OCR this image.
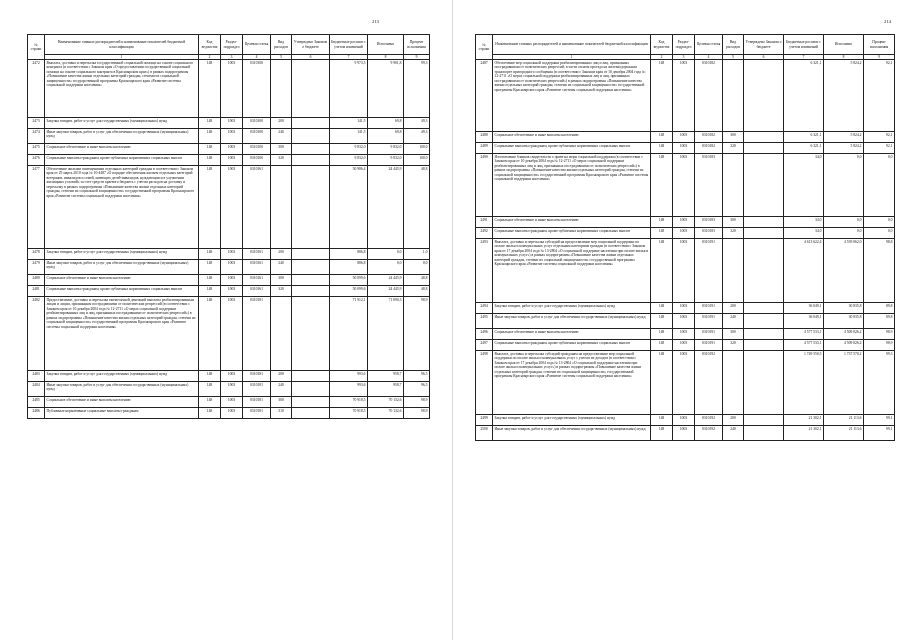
213
№ строки	Наименование главных распорядителей и наименование показателей бюджетной классификации	Код ведомства	Раздел-подраздел	Целевая статья	Вид расходов	Утверждено Законом о бюджете	Бюджетные росписи с учетом изменений	Исполнено	Процент исполнения
	1	2	3	4	5	6	7	8	9
2472	Выплата, доставка и пересылка государственной социальной помощи на основе социального контракта (в соответствии с Законом края «О предоставлении государственной социальной помощи на основе социального контракта в Красноярском крае») в рамках подпрограммы «Повышение качества жизни отдельных категорий граждан, степени их социальной защищенности» государственной программы Красноярского края «Развитие системы социальной поддержки населения»	148	1003	0310100			9 973,5	9 901,8	99,3
2473	Закупка товаров, работ и услуг для государственных (муниципальных) нужд	148	1003	0310100	200		141,5	69,8	49,3
2474	Иные закупки товаров, работ и услуг для обеспечения государственных (муниципальных) нужд	148	1003	0310100	240		141,5	69,8	49,3
2475	Социальное обеспечение и иные выплаты населению	148	1003	0310100	300		9 832,0	9 832,0	100,0
2476	Социальные выплаты гражданам, кроме публичных нормативных социальных выплат	148	1003	0310100	320		9 832,0	9 832,0	100,0
2477	Обеспечение жилыми помещениями отдельных категорий граждан в соответствии с Законом края от 25 марта 2010 года № 10-4487 «О порядке обеспечения жильем отдельных категорий ветеранов, инвалидов и семей, имеющих детей-инвалидов, нуждающихся в улучшении жилищных условий» за счет средств краевого бюджета с учетом расходов на доставку и пересылку в рамках подпрограммы «Повышение качества жизни отдельных категорий граждан, степени их социальной защищенности» государственной программы Красноярского края «Развитие системы социальной поддержки населения»	148	1003	0310161			50 986,4	24 445,9	48,8
2478	Закупка товаров, работ и услуг для государственных (муниципальных) нужд	148	1003	0310161	200		886,8	0,0	1,0
2479	Иные закупки товаров, работ и услуг для обеспечения государственных (муниципальных) нужд	148	1003	0310161	240		886,8	0,0	0,0
2480	Социальное обеспечение и иные выплаты населению	148	1003	0310161	300		50 099,6	24 445,9	48,8
2481	Социальные выплаты гражданам, кроме публичных нормативных социальных выплат	148	1003	0310161	320		50 099,6	24 445,9	48,8
2482	Предоставление, доставка и пересылка ежемесячной денежной выплаты реабилитированным лицам и лицам, признанным пострадавшими от политических репрессий (в соответствии с Законом края от 10 декабря 2004 года № 12-2711 «О мерах социальной поддержки реабилитированных лиц и лиц, признанных пострадавшими от политических репрессий») в рамках подпрограммы «Повышение качества жизни отдельных категорий граждан, степени их социальной защищенности» государственной программы Красноярского края «Развитие системы социальной поддержки населения»	148	1003	0310181			71 912,1	71 090,3	98,9
2483	Закупка товаров, работ и услуг для государственных (муниципальных) нужд	148	1003	0310181	200		993,6	958,7	96,5
2484	Иные закупки товаров, работ и услуг для обеспечения государственных (муниципальных) нужд	148	1003	0310181	240		993,6	958,7	96,5
2485	Социальное обеспечение и иные выплаты населению	148	1003	0310181	300		70 918,5	70 132,6	98,9
2486	Публичные нормативные социальные выплаты гражданам	148	1003	0310181	310		70 918,5	70 132,6	98,9
214
№ строки	Наименование главных распорядителей и наименование показателей бюджетной классификации	Код ведомства	Раздел-подраздел	Целевая статья	Вид расходов	Утверждено Законом о бюджете	Бюджетные росписи с учетом изменений	Исполнено	Процент исполнения
	1	2	3	4	5	6	7	8	9
2487	Обеспечение мер социальной поддержки реабилитированных лиц и лиц, признанных пострадавшими от политических репрессий, в части оплаты проезда на железнодорожном транспорте пригородного сообщения (в соответствии с Законом края от 10 декабря 2004 года № 12-2711 «О мерах социальной поддержки реабилитированных лиц и лиц, признанных пострадавшими от политических репрессий») в рамках подпрограммы «Повышение качества жизни отдельных категорий граждан, степени их социальной защищенности» государственной программы Красноярского края «Развитие системы социальной поддержки населения»	148	1003	0310182			6 321,1	5 824,2	92,1
2488	Социальное обеспечение и иные выплаты населению	148	1003	0310182	300		6 321,1	5 824,2	92,1
2489	Социальные выплаты гражданам, кроме публичных нормативных социальных выплат	148	1003	0310182	320		6 321,1	5 824,2	92,1
2490	Изготовление бланков свидетельств о праве на меры социальной поддержки (в соответствии с Законом края от 10 декабря 2004 года № 12-2711 «О мерах социальной поддержки реабилитированных лиц и лиц, признанных пострадавшими от политических репрессий») в рамках подпрограммы «Повышение качества жизни отдельных категорий граждан, степени их социальной защищенности» государственной программы Красноярского края «Развитие системы социальной поддержки населения»	148	1003	0310183			34,0	0,0	0,0
2491	Социальное обеспечение и иные выплаты населению	148	1003	0310183	300		34,0	0,0	0,0
2492	Социальные выплаты гражданам, кроме публичных нормативных социальных выплат	148	1003	0310183	320		34,0	0,0	0,0
2493	Выплата, доставка и пересылка субсидий на предоставление мер социальной поддержки по оплате жилья и коммунальных услуг отдельным категориям граждан (в соответствии с Законом края от 17 декабря 2004 года № 13-2804 «О социальной поддержке населения при оплате жилья и коммунальных услуг») в рамках подпрограммы «Повышение качества жизни отдельных категорий граждан, степени их социальной защищенности» государственной программы Красноярского края «Развитие системы социальной поддержки населения»	148	1003	0310191			4 613 622,4	4 539 062,0	98,8
2494	Закупка товаров, работ и услуг для государственных (муниципальных) нужд	148	1003	0310191	200		36 049,1	30 835,8	89,8
2495	Иные закупки товаров, работ и услуг для обеспечения государственных (муниципальных) нужд	148	1003	0310191	240		36 049,1	30 835,8	89,8
2496	Социальное обеспечение и иные выплаты населению	148	1003	0310191	300		4 577 533,1	4 509 026,2	98,9
2497	Социальные выплаты гражданам, кроме публичных нормативных социальных выплат	148	1003	0310191	320		4 577 533,1	4 509 026,2	98,9
2498	Выплата, доставка и пересылка субсидий гражданам на предоставление мер социальной поддержки по оплате жилья и коммунальных услуг с учетом их доходов (в соответствии с Законом края от 17 декабря 2004 года № 13-2804 «О социальной поддержке населения при оплате жилья и коммунальных услуг») в рамках подпрограммы «Повышение качества жизни отдельных категорий граждан, степени их социальной защищенности» государственной программы Красноярского края «Развитие системы социальной поддержки населения»	148	1003	0310192			1 749 550,5	1 737 570,2	99,3
2499	Закупка товаров, работ и услуг для государственных (муниципальных) нужд	148	1003	0310192	200		21 302,1	21 113,6	99,1
2500	Иные закупки товаров, работ и услуг для обеспечения государственных (муниципальных) нужд	148	1003	0310192	240		21 302,1	21 113,6	99,1
